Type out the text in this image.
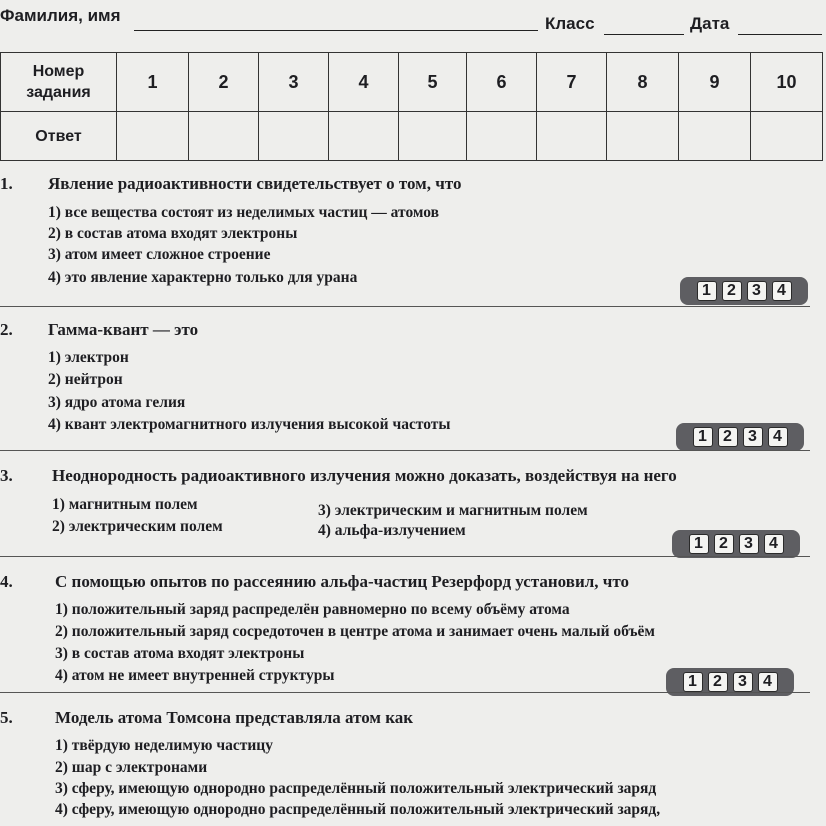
Фамилия, имя	Класс	Дата
Номер задания	1	2	3	4	5	6	7	8	9	10
Ответ										
1. Явление радиоактивности свидетельствует о том, что
1) все вещества состоят из неделимых частиц — атомов
2) в состав атома входят электроны
3) атом имеет сложное строение
4) это явление характерно только для урана
1	2	3	4
2. Гамма-квант — это
1) электрон
2) нейтрон
3) ядро атома гелия
4) квант электромагнитного излучения высокой частоты
1	2	3	4
3. Неоднородность радиоактивного излучения можно доказать, воздействуя на него
1) магнитным полем
2) электрическим полем
3) электрическим и магнитным полем
4) альфа-излучением
1	2	3	4
4. С помощью опытов по рассеянию альфа-частиц Резерфорд установил, что
1) положительный заряд распределён равномерно по всему объёму атома
2) положительный заряд сосредоточен в центре атома и занимает очень малый объём
3) в состав атома входят электроны
4) атом не имеет внутренней структуры	1	2	3	4
5. Модель атома Томсона представляла атом как
1) твёрдую неделимую частицу
2) шар с электронами
3) сферу, имеющую однородно распределённый положительный электрический заряд
4) сферу, имеющую однородно распределённый положительный электрический заряд,
